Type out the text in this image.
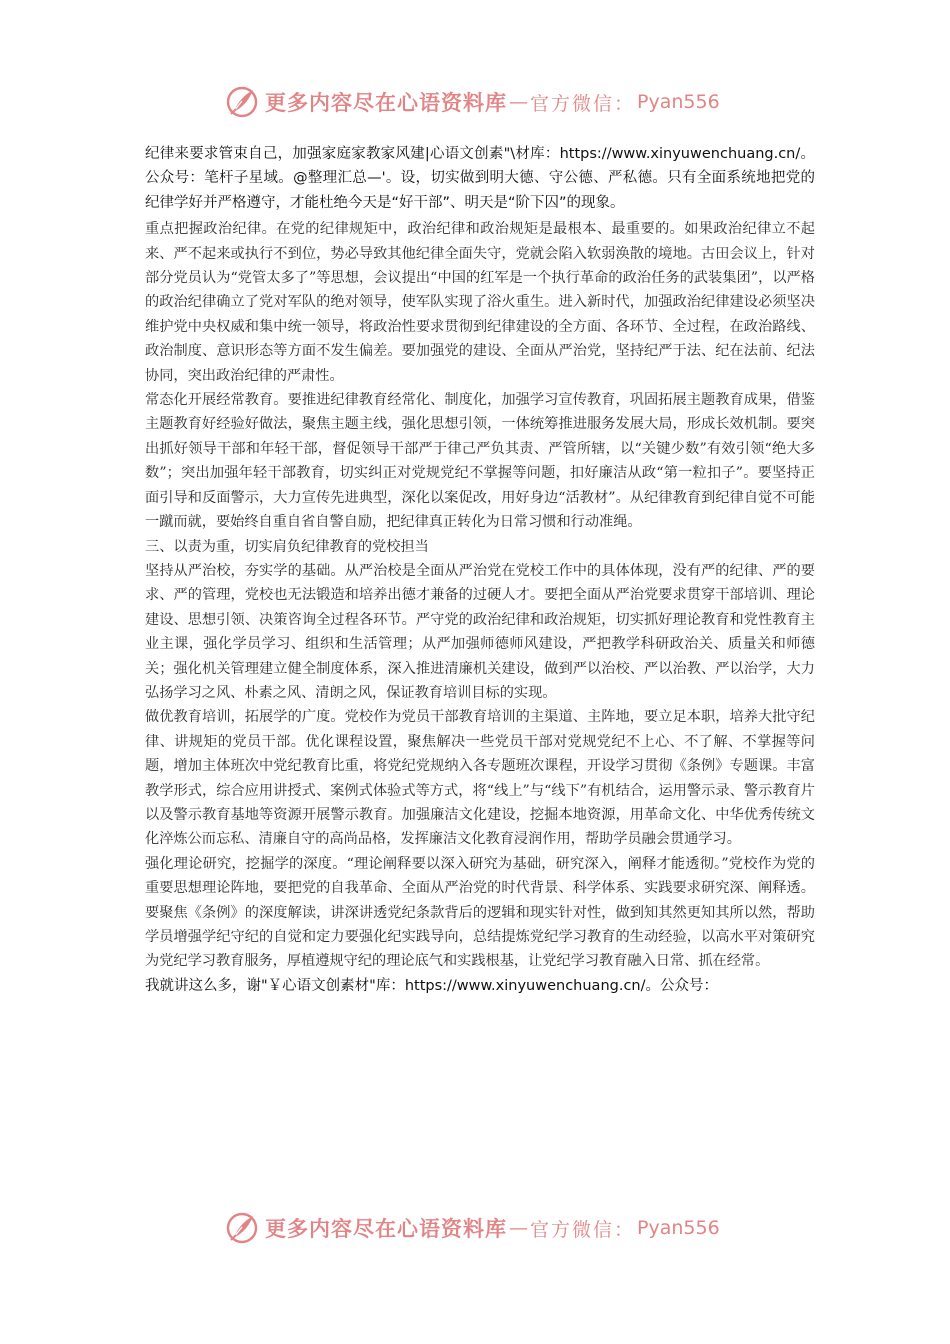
更多内容尽在心语资料库 — 官方微信： Pyan556

纪律来要求管束自己，加强家庭家教家风建|心语文创素"\材库：https://www.xinyuwenchuang.cn/。公众号：笔杆子星域。@整理汇总—'。设，切实做到明大德、守公德、严私德。只有全面系统地把党的纪律学好并严格遵守，才能杜绝今天是“好干部”、明天是“阶下囚”的现象。

重点把握政治纪律。在党的纪律规矩中，政治纪律和政治规矩是最根本、最重要的。如果政治纪律立不起来、严不起来或执行不到位，势必导致其他纪律全面失守，党就会陷入软弱涣散的境地。古田会议上，针对部分党员认为“党管太多了”等思想，会议提出“中国的红军是一个执行革命的政治任务的武装集团”，以严格的政治纪律确立了党对军队的绝对领导，使军队实现了浴火重生。进入新时代，加强政治纪律建设必须坚决维护党中央权威和集中统一领导，将政治性要求贯彻到纪律建设的全方面、各环节、全过程，在政治路线、政治制度、意识形态等方面不发生偏差。要加强党的建设、全面从严治党，坚持纪严于法、纪在法前、纪法协同，突出政治纪律的严肃性。

常态化开展经常教育。要推进纪律教育经常化、制度化，加强学习宣传教育，巩固拓展主题教育成果，借鉴主题教育好经验好做法，聚焦主题主线，强化思想引领，一体统筹推进服务发展大局，形成长效机制。要突出抓好领导干部和年轻干部，督促领导干部严于律己严负其责、严管所辖，以“关键少数”有效引领“绝大多数”；突出加强年轻干部教育，切实纠正对党规党纪不掌握等问题，扣好廉洁从政“第一粒扣子”。要坚持正面引导和反面警示，大力宣传先进典型，深化以案促改，用好身边“活教材”。从纪律教育到纪律自觉不可能一蹴而就，要始终自重自省自警自励，把纪律真正转化为日常习惯和行动准绳。

三、以责为重，切实肩负纪律教育的党校担当

坚持从严治校，夯实学的基础。从严治校是全面从严治党在党校工作中的具体体现，没有严的纪律、严的要求、严的管理，党校也无法锻造和培养出德才兼备的过硬人才。要把全面从严治党要求贯穿干部培训、理论建设、思想引领、决策咨询全过程各环节。严守党的政治纪律和政治规矩，切实抓好理论教育和党性教育主业主课，强化学员学习、组织和生活管理；从严加强师德师风建设，严把教学科研政治关、质量关和师德关；强化机关管理建立健全制度体系，深入推进清廉机关建设，做到严以治校、严以治教、严以治学，大力弘扬学习之风、朴素之风、清朗之风，保证教育培训目标的实现。

做优教育培训，拓展学的广度。党校作为党员干部教育培训的主渠道、主阵地，要立足本职，培养大批守纪律、讲规矩的党员干部。优化课程设置，聚焦解决一些党员干部对党规党纪不上心、不了解、不掌握等问题，增加主体班次中党纪教育比重，将党纪党规纳入各专题班次课程，开设学习贯彻《条例》专题课。丰富教学形式，综合应用讲授式、案例式体验式等方式，将“线上”与“线下”有机结合，运用警示录、警示教育片以及警示教育基地等资源开展警示教育。加强廉洁文化建设，挖掘本地资源，用革命文化、中华优秀传统文化淬炼公而忘私、清廉自守的高尚品格，发挥廉洁文化教育浸润作用，帮助学员融会贯通学习。

强化理论研究，挖掘学的深度。“理论阐释要以深入研究为基础，研究深入，阐释才能透彻。”党校作为党的重要思想理论阵地，要把党的自我革命、全面从严治党的时代背景、科学体系、实践要求研究深、阐释透。要聚焦《条例》的深度解读，讲深讲透党纪条款背后的逻辑和现实针对性，做到知其然更知其所以然，帮助学员增强学纪守纪的自觉和定力要强化纪实践导向，总结提炼党纪学习教育的生动经验，以高水平对策研究为党纪学习教育服务，厚植遵规守纪的理论底气和实践根基，让党纪学习教育融入日常、抓在经常。

我就讲这么多，谢"￥心语文创素材"库：https://www.xinyuwenchuang.cn/。公众号：

更多内容尽在心语资料库 — 官方微信： Pyan556
